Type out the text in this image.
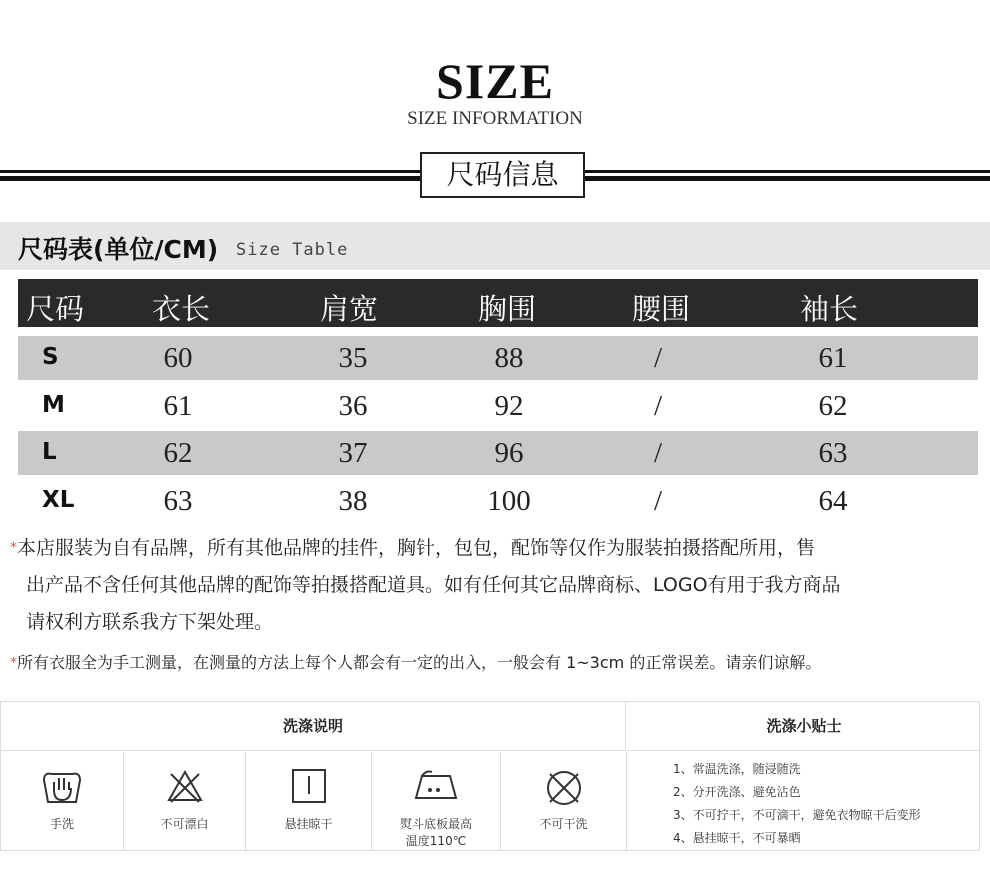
SIZE
SIZE INFORMATION
尺码信息
尺码表(单位/CM) Size Table
尺码 衣长	肩宽	胸围	腰围	袖长
S	60	35	88	/	61
M	61	36	92	/	62
L	62	37	96	/	63
XL	63	38	100	/	64
*本店服装为自有品牌，所有其他品牌的挂件，胸针，包包，配饰等仅作为服装拍摄搭配所用，售
出产品不含任何其他品牌的配饰等拍摄搭配道具。如有任何其它品牌商标、LOGO有用于我方商品
请权利方联系我方下架处理。
*所有衣服全为手工测量，在测量的方法上每个人都会有一定的出入，一般会有 1~3cm 的正常误差。请亲们谅解。
洗涤说明	洗涤小贴士
手洗	不可漂白	悬挂晾干	熨斗底板最高
温度110℃
不可干洗
1、常温洗涤，随浸随洗
2、分开洗涤、避免沾色
3、不可拧干，不可滴干，避免衣物晾干后变形
4、悬挂晾干，不可暴晒
